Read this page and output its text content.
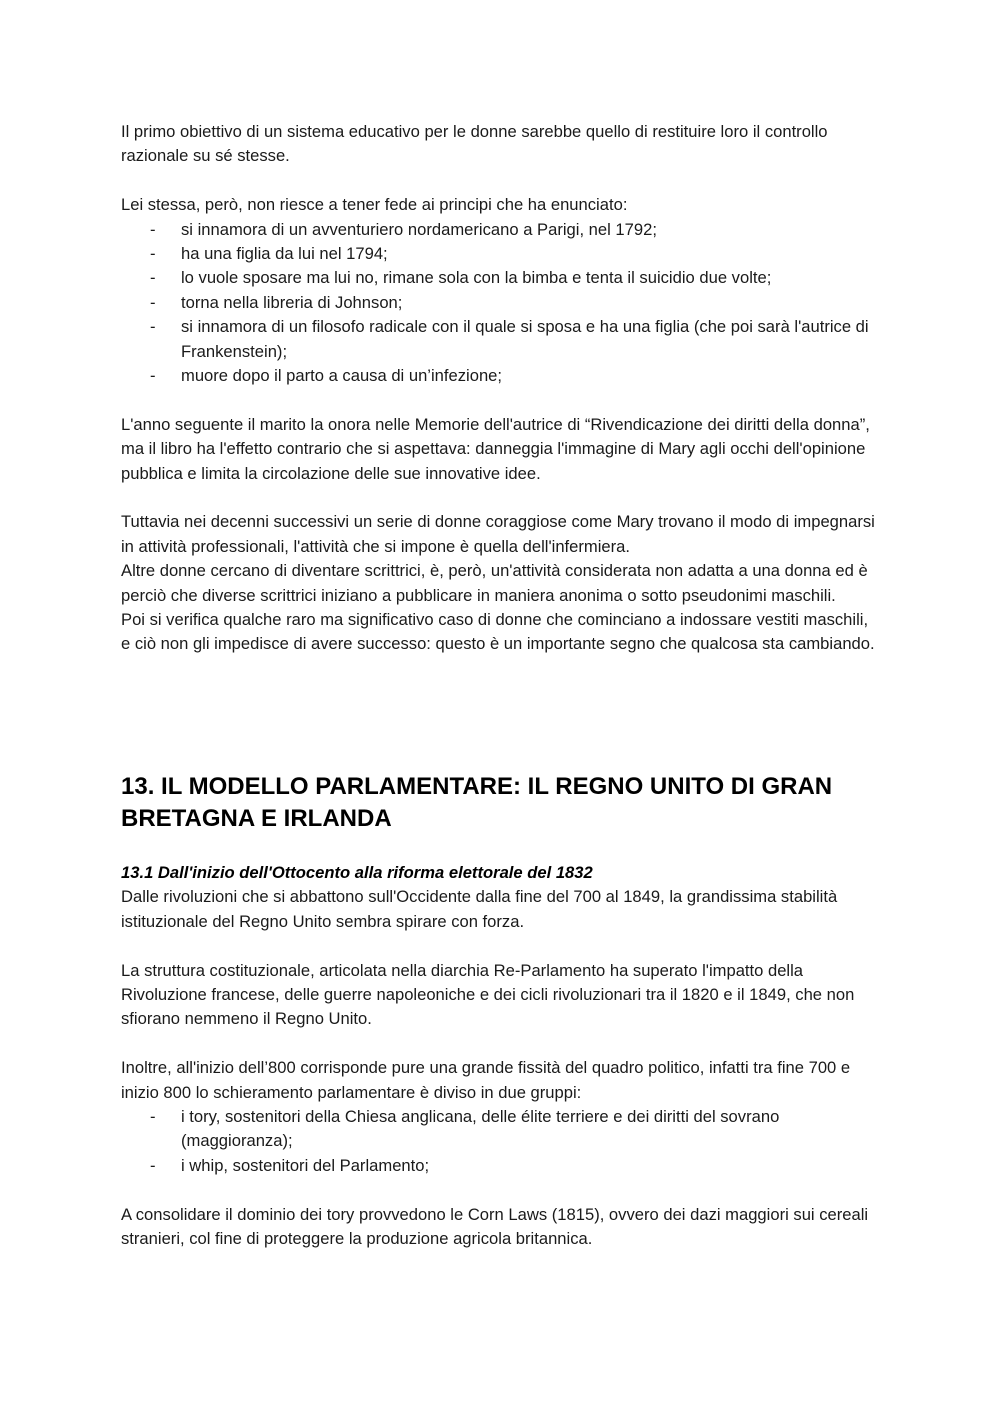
Il primo obiettivo di un sistema educativo per le donne sarebbe quello di restituire loro il controllo razionale su sé stesse.

Lei stessa, però, non riesce a tener fede ai principi che ha enunciato:

- si innamora di un avventuriero nordamericano a Parigi, nel 1792;
- ha una figlia da lui nel 1794;
- lo vuole sposare ma lui no, rimane sola con la bimba e tenta il suicidio due volte;
- torna nella libreria di Johnson;
- si innamora di un filosofo radicale con il quale si sposa e ha una figlia (che poi sarà l'autrice di Frankenstein);
- muore dopo il parto a causa di un’infezione;

L'anno seguente il marito la onora nelle Memorie dell'autrice di “Rivendicazione dei diritti della donna”, ma il libro ha l'effetto contrario che si aspettava: danneggia l'immagine di Mary agli occhi dell'opinione pubblica e limita la circolazione delle sue innovative idee.

Tuttavia nei decenni successivi un serie di donne coraggiose come Mary trovano il modo di impegnarsi in attività professionali, l'attività che si impone è quella dell'infermiera.

Altre donne cercano di diventare scrittrici, è, però, un'attività considerata non adatta a una donna ed è perciò che diverse scrittrici iniziano a pubblicare in maniera anonima o sotto pseudonimi maschili.

Poi si verifica qualche raro ma significativo caso di donne che cominciano a indossare vestiti maschili, e ciò non gli impedisce di avere successo: questo è un importante segno che qualcosa sta cambiando.

13. IL MODELLO PARLAMENTARE: IL REGNO UNITO DI GRAN BRETAGNA E IRLANDA
13.1 Dall'inizio dell'Ottocento alla riforma elettorale del 1832

Dalle rivoluzioni che si abbattono sull'Occidente dalla fine del 700 al 1849, la grandissima stabilità istituzionale del Regno Unito sembra spirare con forza.

La struttura costituzionale, articolata nella diarchia Re-Parlamento ha superato l'impatto della Rivoluzione francese, delle guerre napoleoniche e dei cicli rivoluzionari tra il 1820 e il 1849, che non sfiorano nemmeno il Regno Unito.

Inoltre, all'inizio dell’800 corrisponde pure una grande fissità del quadro politico, infatti tra fine 700 e inizio 800 lo schieramento parlamentare è diviso in due gruppi:

- i tory, sostenitori della Chiesa anglicana, delle élite terriere e dei diritti del sovrano (maggioranza);
- i whip, sostenitori del Parlamento;

A consolidare il dominio dei tory provvedono le Corn Laws (1815), ovvero dei dazi maggiori sui cereali stranieri, col fine di proteggere la produzione agricola britannica.
